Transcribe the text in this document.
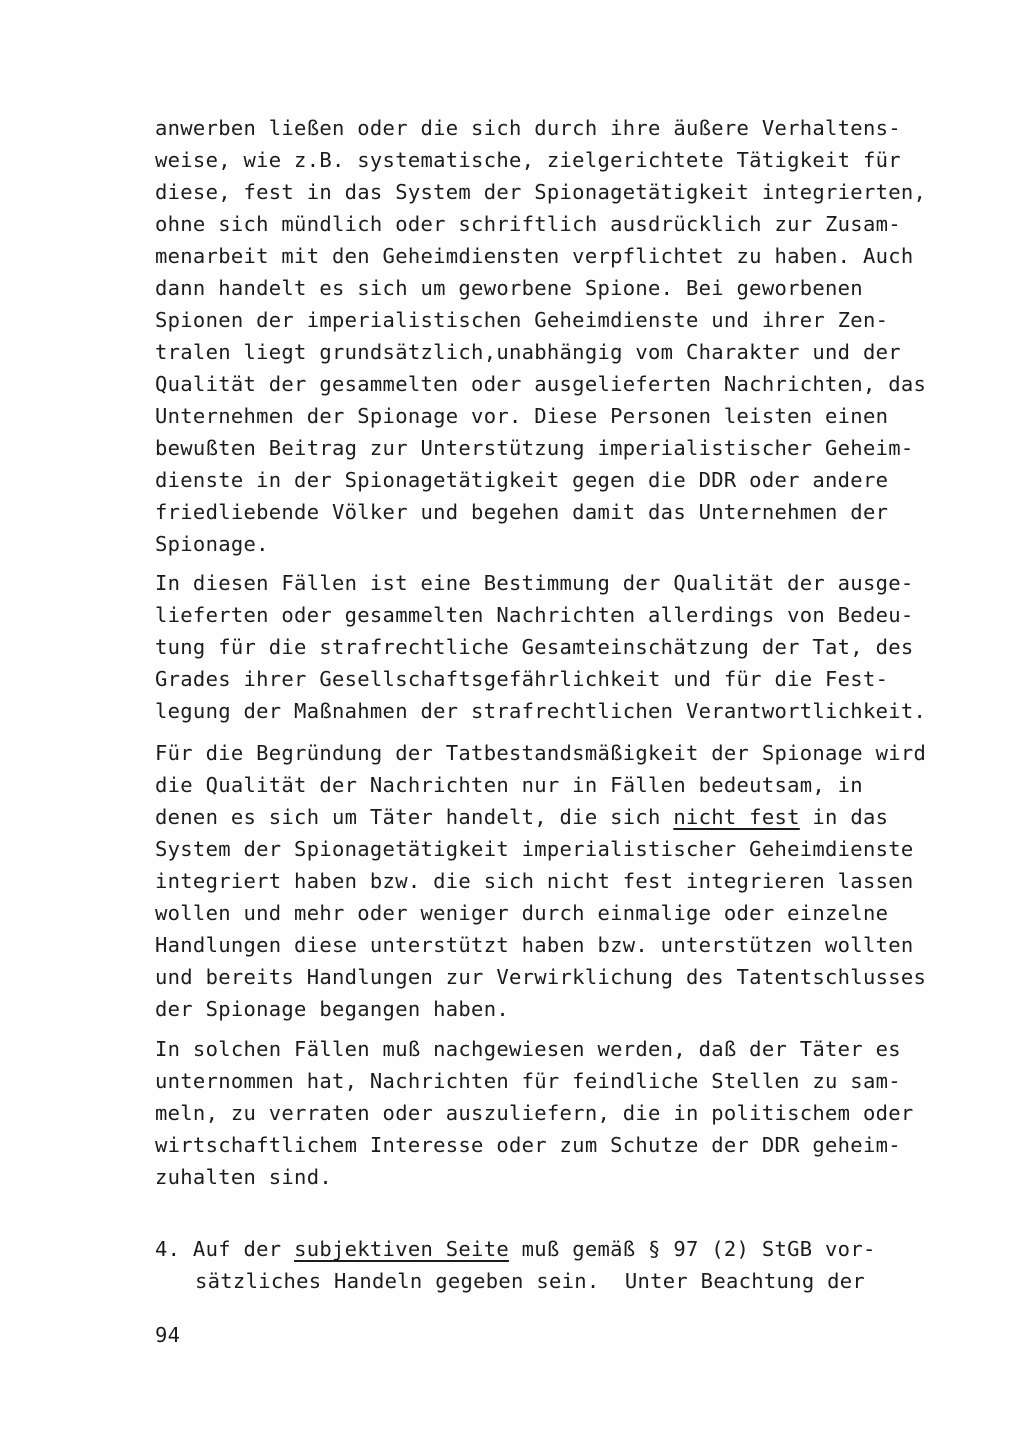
anwerben ließen oder die sich durch ihre äußere Verhaltens-
weise, wie z.B. systematische, zielgerichtete Tätigkeit für
diese, fest in das System der Spionagetätigkeit integrierten,
ohne sich mündlich oder schriftlich ausdrücklich zur Zusam-
menarbeit mit den Geheimdiensten verpflichtet zu haben. Auch
dann handelt es sich um geworbene Spione. Bei geworbenen
Spionen der imperialistischen Geheimdienste und ihrer Zen-
tralen liegt grundsätzlich,unabhängig vom Charakter und der
Qualität der gesammelten oder ausgelieferten Nachrichten, das
Unternehmen der Spionage vor. Diese Personen leisten einen
bewußten Beitrag zur Unterstützung imperialistischer Geheim-
dienste in der Spionagetätigkeit gegen die DDR oder andere
friedliebende Völker und begehen damit das Unternehmen der
Spionage.
In diesen Fällen ist eine Bestimmung der Qualität der ausge-
lieferten oder gesammelten Nachrichten allerdings von Bedeu-
tung für die strafrechtliche Gesamteinschätzung der Tat, des
Grades ihrer Gesellschaftsgefährlichkeit und für die Fest-
legung der Maßnahmen der strafrechtlichen Verantwortlichkeit.
Für die Begründung der Tatbestandsmäßigkeit der Spionage wird
die Qualität der Nachrichten nur in Fällen bedeutsam, in
denen es sich um Täter handelt, die sich nicht fest in das
System der Spionagetätigkeit imperialistischer Geheimdienste
integriert haben bzw. die sich nicht fest integrieren lassen
wollen und mehr oder weniger durch einmalige oder einzelne
Handlungen diese unterstützt haben bzw. unterstützen wollten
und bereits Handlungen zur Verwirklichung des Tatentschlusses
der Spionage begangen haben.
In solchen Fällen muß nachgewiesen werden, daß der Täter es
unternommen hat, Nachrichten für feindliche Stellen zu sam-
meln, zu verraten oder auszuliefern, die in politischem oder
wirtschaftlichem Interesse oder zum Schutze der DDR geheim-
zuhalten sind.
4. Auf der subjektiven Seite muß gemäß § 97 (2) StGB vor-
sätzliches Handeln gegeben sein.  Unter Beachtung der
94
